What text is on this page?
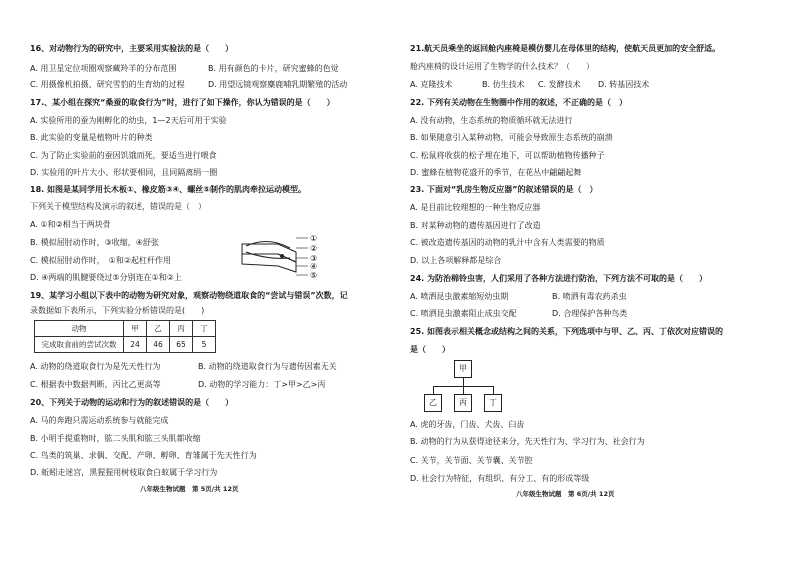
16、对动物行为的研究中，主要采用实验法的是（　　）
A. 用卫星定位项圈观察藏羚羊的分布范围	B. 用有颜色的卡片，研究蜜蜂的色觉
C. 用摄像机拍摄、研究雪豹的生育幼的过程	D. 用望远镜观察麋鹿哺乳期繁殖的活动
17.、某小组在探究“桑蚕的取食行为”时，进行了如下操作，你认为错误的是（　　）
A. 实验所用的蚕为刚孵化的幼虫，1—2天后可用于实验
B. 此实验的变量是植物叶片的种类
C. 为了防止实验前的蚕因饥饿而死，要适当进行喂食
D. 实验用的叶片大小、形状要相同，且同隔离绢一圈
18. 如图是某同学用长木板①、橡皮筋③④、螺丝⑤制作的肌肉牵拉运动模型。
下列关于模型结构及演示的叙述，错误的是（　）
A. ①和②相当于两块骨
B. 模拟屈肘动作时，③收缩，④舒张
C. 模拟屈肘动作时，　①和②起杠杆作用
D. ④两端的肌腱要绕过⑤分别连在①和②上
①
②
③
④
⑤
19、某学习小组以下表中的动物为研究对象，观察动物绕道取食的“尝试与错误”次数，记
录数据如下表所示，下列实验分析错误的是(　　)
动物	甲	乙	丙	丁
完成取食前的尝试次数	24	46	65	5
A. 动物的绕道取食行为是先天性行为	B. 动物的绕道取食行为与遗传因素无关
C. 根据表中数据判断，丙比乙更高等	D. 动物的学习能力：丁>甲>乙>丙
20、下列关于动物的运动和行为的叙述错误的是（　　）
A. 马的奔跑只需运动系统参与就能完成
B. 小明手提重物时，肱二头肌和肱三头肌都收缩
C. 鸟类的筑巢、求偶、交配、产卵、孵卵、育雏属于先天性行为
D. 蚯蚓走迷宫，黑猩猩用树枝取食白蚁属于学习行为
八年级生物试题　第 5页/共 12页
21.航天员乘坐的返回舱内座椅是模仿婴儿在母体里的结构，使航天员更加的安全舒适。
舱内座椅的设计运用了生物学的什么技术？（　　）
A. 克隆技术	B. 仿生技术 C. 发酵技术 D. 转基因技术
22. 下列有关动物在生物圈中作用的叙述，不正确的是（　）
A. 没有动物，生态系统的物质循环就无法进行
B. 如果随意引入某种动物，可能会导致原生态系统的崩溃
C. 松鼠将收获的松子埋在地下，可以帮助植物传播种子
D. 蜜蜂在植物花盛开的季节，在花丛中翩翩起舞
23. 下面对“乳房生物反应器”的叙述错误的是（　）
A. 是目前比较理想的一种生物反应器
B. 对某种动物的遗传基因进行了改造
C. 被改造遗传基因的动物的乳汁中含有人类需要的物质
D. 以上各项解释都是综合
24. 为防治棉铃虫害，人们采用了各种方法进行防治，下列方法不可取的是（　　）
A. 喷洒昆虫激素缩短幼虫期	B. 喷洒有毒农药杀虫
C. 喷洒昆虫激素阻止成虫交配	D. 合理保护各种鸟类
25. 如图表示相关概念或结构之间的关系，下列选项中与甲、乙、丙、丁依次对应错误的
是（　　）
甲
乙	丙	丁
A. 虎的牙齿，门齿、犬齿、臼齿
B. 动物的行为从获得途径来分，先天性行为、学习行为、社会行为
C. 关节，关节面、关节囊、关节腔
D. 社会行为特征，有组织、有分工、有的形成等级
八年级生物试题　第 6页/共 12页
